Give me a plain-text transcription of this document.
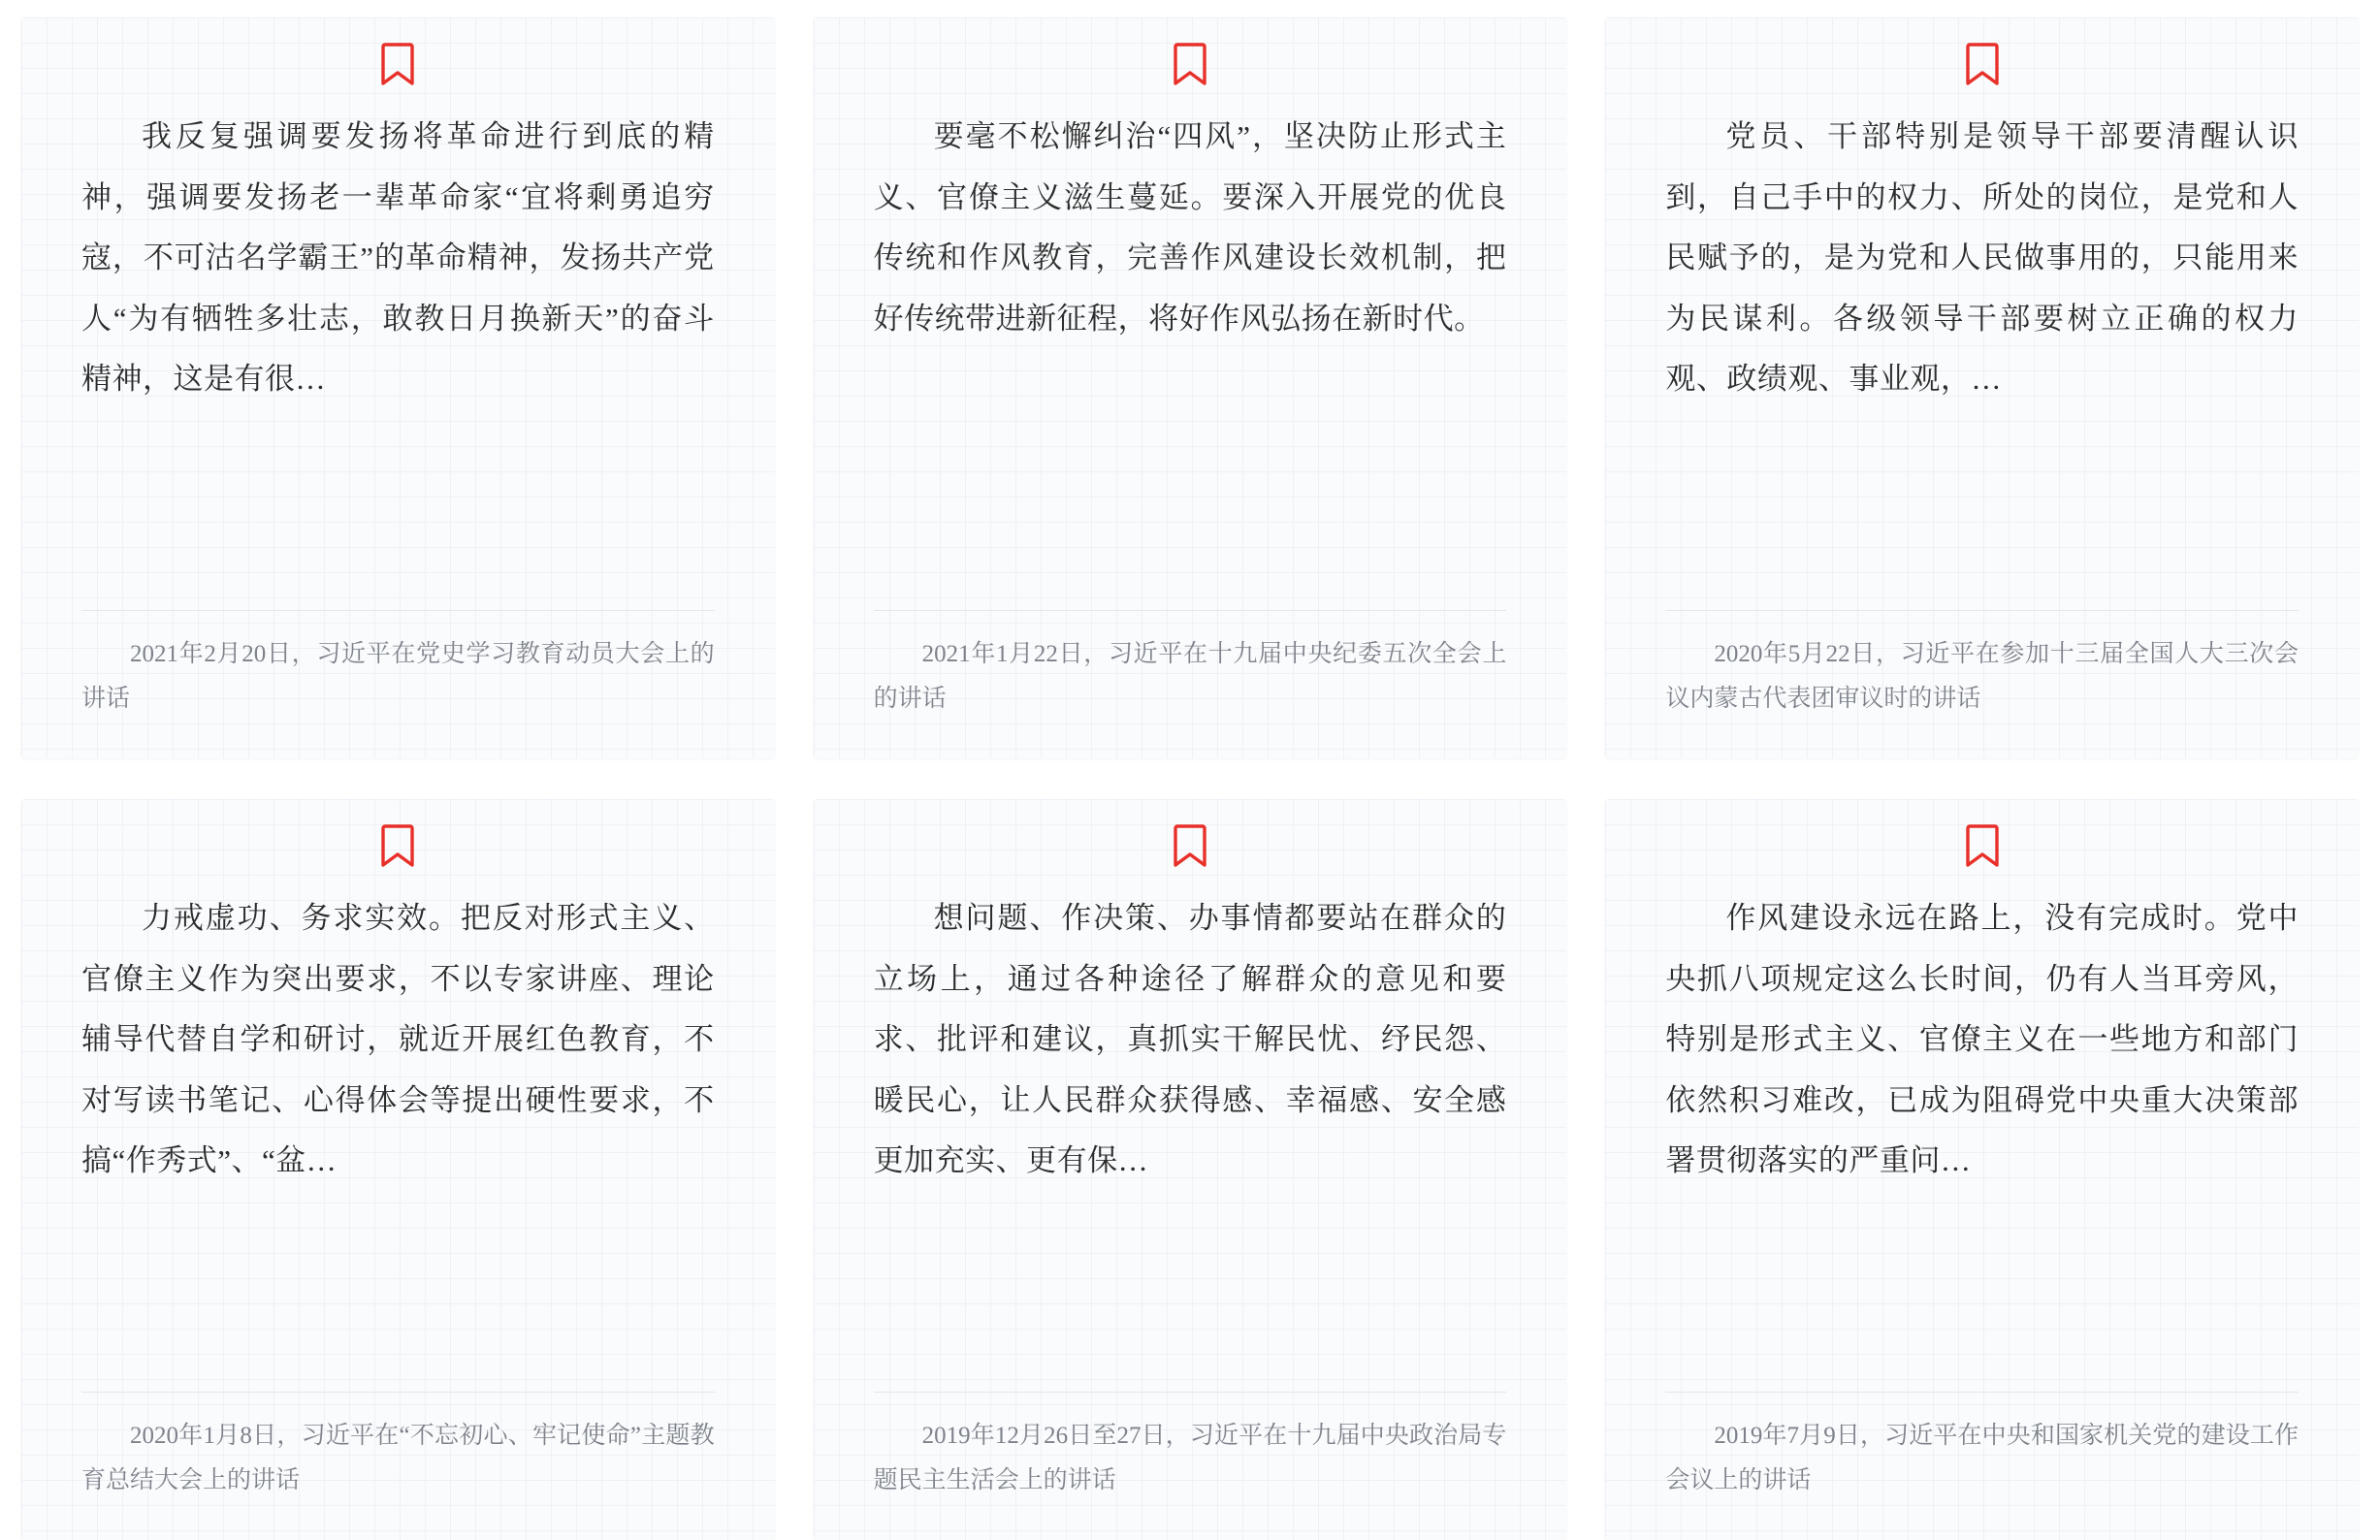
我反复强调要发扬将革命进行到底的精神，强调要发扬老一辈革命家“宜将剩勇追穷寇，不可沽名学霸王”的革命精神，发扬共产党人“为有牺牲多壮志，敢教日月换新天”的奋斗精神，这是有很…

2021年2月20日，习近平在党史学习教育动员大会上的讲话

要毫不松懈纠治“四风”，坚决防止形式主义、官僚主义滋生蔓延。要深入开展党的优良传统和作风教育，完善作风建设长效机制，把好传统带进新征程，将好作风弘扬在新时代。

2021年1月22日，习近平在十九届中央纪委五次全会上的讲话

党员、干部特别是领导干部要清醒认识到，自己手中的权力、所处的岗位，是党和人民赋予的，是为党和人民做事用的，只能用来为民谋利。各级领导干部要树立正确的权力观、政绩观、事业观，…

2020年5月22日，习近平在参加十三届全国人大三次会议内蒙古代表团审议时的讲话

力戒虚功、务求实效。把反对形式主义、官僚主义作为突出要求，不以专家讲座、理论辅导代替自学和研讨，就近开展红色教育，不对写读书笔记、心得体会等提出硬性要求，不搞“作秀式”、“盆…

2020年1月8日，习近平在“不忘初心、牢记使命”主题教育总结大会上的讲话

想问题、作决策、办事情都要站在群众的立场上，通过各种途径了解群众的意见和要求、批评和建议，真抓实干解民忧、纾民怨、暖民心，让人民群众获得感、幸福感、安全感更加充实、更有保…

2019年12月26日至27日，习近平在十九届中央政治局专题民主生活会上的讲话

作风建设永远在路上，没有完成时。党中央抓八项规定这么长时间，仍有人当耳旁风，特别是形式主义、官僚主义在一些地方和部门依然积习难改，已成为阻碍党中央重大决策部署贯彻落实的严重问…

2019年7月9日，习近平在中央和国家机关党的建设工作会议上的讲话
